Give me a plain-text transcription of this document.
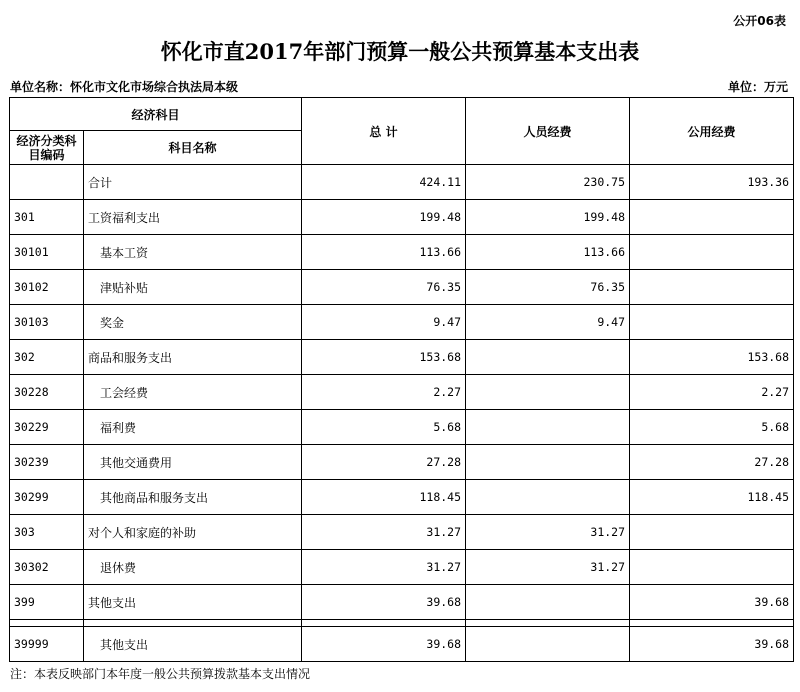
公开06表
怀化市直2017年部门预算一般公共预算基本支出表
单位名称：怀化市文化市场综合执法局本级	单位：万元
经济科目		总 计	人员经费	公用经费
经济分类科目编码	科目名称			
	合计	424.11	230.75	193.36
301	工资福利支出	199.48	199.48	
30101	基本工资	113.66	113.66	
30102	津贴补贴	76.35	76.35	
30103	奖金	9.47	9.47	
302	商品和服务支出	153.68		153.68
30228	工会经费	2.27		2.27
30229	福利费	5.68		5.68
30239	其他交通费用	27.28		27.28
30299	其他商品和服务支出	118.45		118.45
303	对个人和家庭的补助	31.27	31.27	
30302	退休费	31.27	31.27	
399	其他支出	39.68		39.68

39999	其他支出	39.68		39.68
注：本表反映部门本年度一般公共预算拨款基本支出情况
